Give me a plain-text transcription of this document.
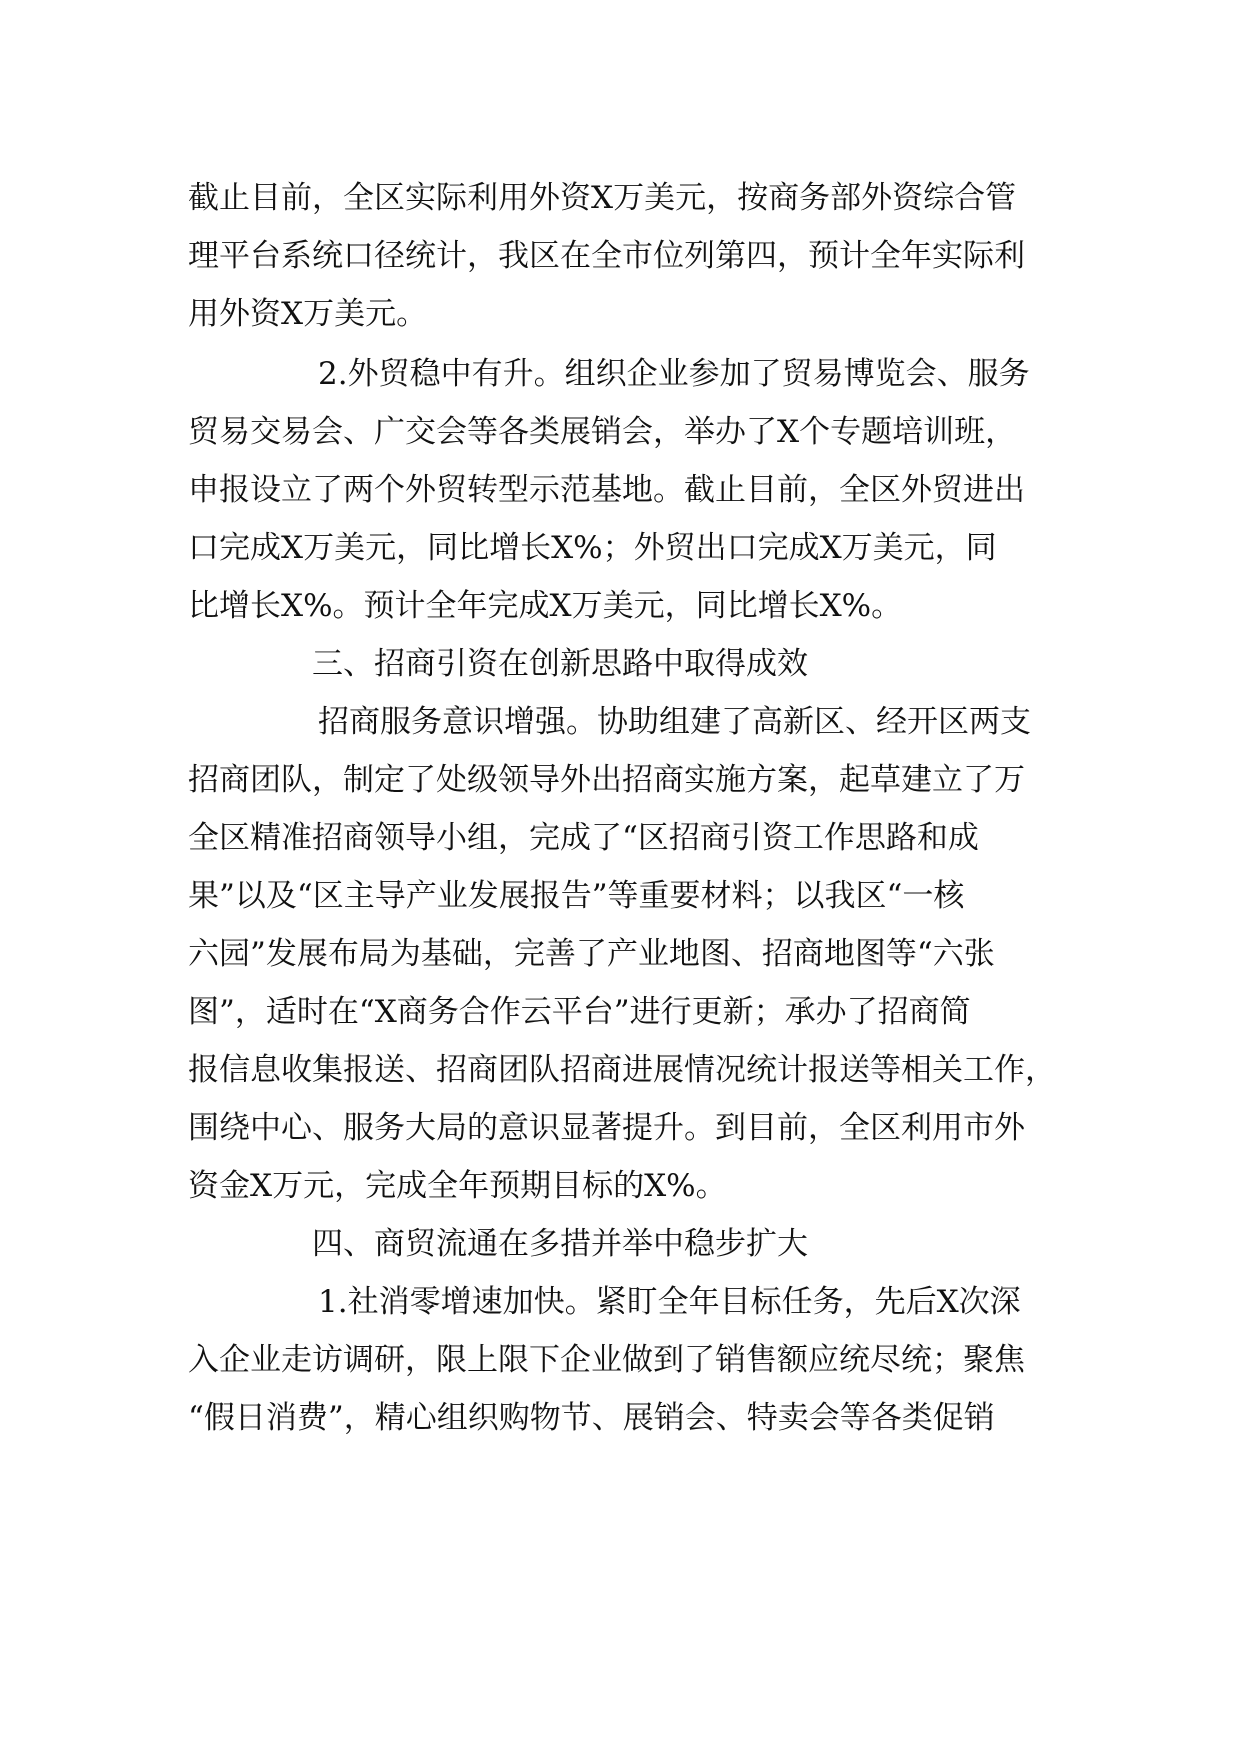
截止目前，全区实际利用外资X万美元，按商务部外资综合管
理平台系统口径统计，我区在全市位列第四，预计全年实际利
用外资X万美元。
2.外贸稳中有升。组织企业参加了贸易博览会、服务
贸易交易会、广交会等各类展销会，举办了X个专题培训班，
申报设立了两个外贸转型示范基地。截止目前，全区外贸进出
口完成X万美元，同比增长X%；外贸出口完成X万美元，同
比增长X%。预计全年完成X万美元，同比增长X%。
三、招商引资在创新思路中取得成效
招商服务意识增强。协助组建了高新区、经开区两支
招商团队，制定了处级领导外出招商实施方案，起草建立了万
全区精准招商领导小组，完成了“区招商引资工作思路和成
果”以及“区主导产业发展报告”等重要材料；以我区“一核
六园”发展布局为基础，完善了产业地图、招商地图等“六张
图”，适时在“X商务合作云平台”进行更新；承办了招商简
报信息收集报送、招商团队招商进展情况统计报送等相关工作，
围绕中心、服务大局的意识显著提升。到目前，全区利用市外
资金X万元，完成全年预期目标的X%。
四、商贸流通在多措并举中稳步扩大
1.社消零增速加快。紧盯全年目标任务，先后X次深
入企业走访调研，限上限下企业做到了销售额应统尽统；聚焦
“假日消费”，精心组织购物节、展销会、特卖会等各类促销
